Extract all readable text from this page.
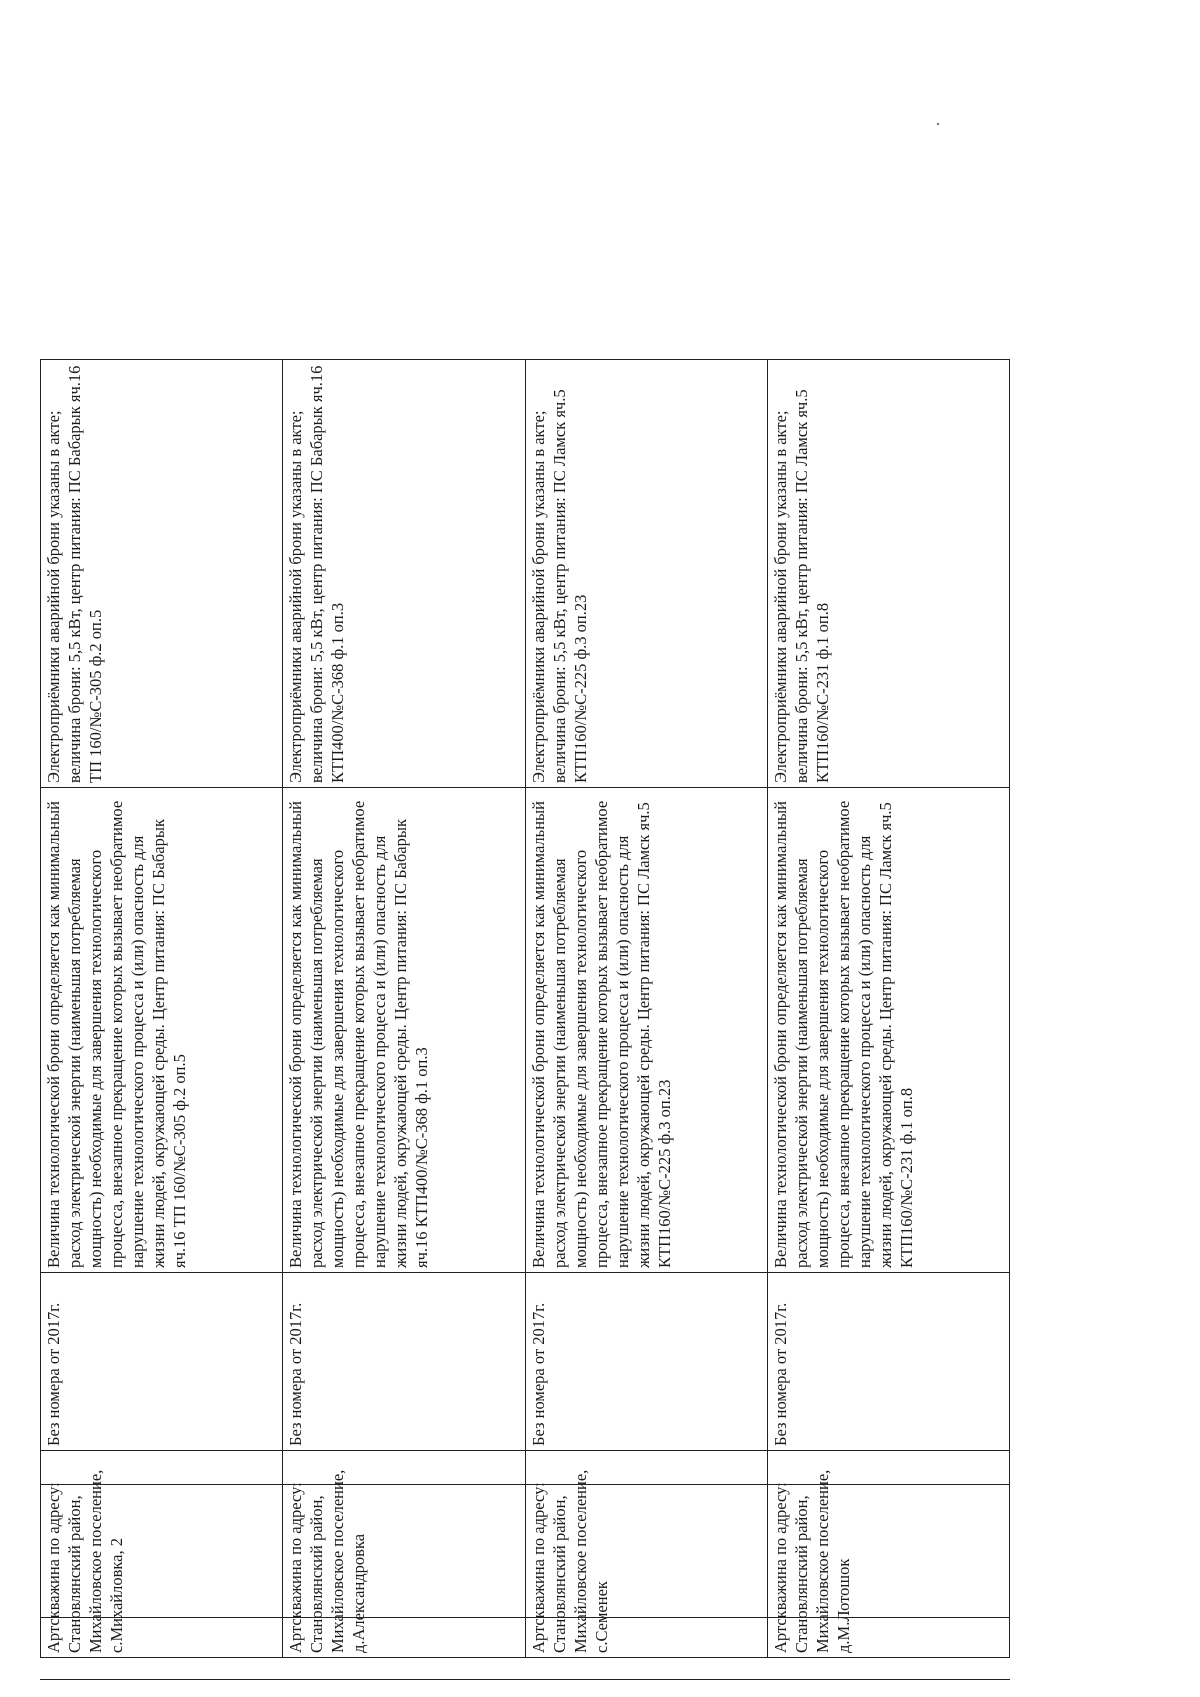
Артскважина по адресу: Становлянский район, Михайловское поселение, с.Михайловка, 2	Без номера от 2017г.	Величина технологической брони определяется как минимальный расход электрической энергии (наименьшая потребляемая мощность) необходимые для завершения технологического процесса, внезапное прекращение которых вызывает необратимое нарушение технологического процесса и (или) опасность для жизни людей, окружающей среды. Центр питания: ПС Бабарык яч.16 ТП 160/№С-305 ф.2 оп.5	Электроприёмники аварийной брони указаны в акте; величина брони: 5,5 кВт, центр питания: ПС Бабарык яч.16 ТП 160/№С-305 ф.2 оп.5
Артскважина по адресу: Становлянский район, Михайловское поселение, д.Александровка	Без номера от 2017г.	Величина технологической брони определяется как минимальный расход электрической энергии (наименьшая потребляемая мощность) необходимые для завершения технологического процесса, внезапное прекращение которых вызывает необратимое нарушение технологического процесса и (или) опасность для жизни людей, окружающей среды. Центр питания: ПС Бабарык яч.16 КТП400/№С-368 ф.1 оп.3	Электроприёмники аварийной брони указаны в акте; величина брони: 5,5 кВт, центр питания: ПС Бабарык яч.16 КТП400/№С-368 ф.1 оп.3
Артскважина по адресу: Становлянский район, Михайловское поселение, с.Семенек	Без номера от 2017г.	Величина технологической брони определяется как минимальный расход электрической энергии (наименьшая потребляемая мощность) необходимые для завершения технологического процесса, внезапное прекращение которых вызывает необратимое нарушение технологического процесса и (или) опасность для жизни людей, окружающей среды. Центр питания: ПС Ламск яч.5 КТП160/№С-225 ф.3 оп.23	Электроприёмники аварийной брони указаны в акте; величина брони: 5,5 кВт, центр питания: ПС Ламск яч.5 КТП160/№С-225 ф.3 оп.23
Артскважина по адресу: Становлянский район, Михайловское поселение, д.М.Лотошок	Без номера от 2017г.	Величина технологической брони определяется как минимальный расход электрической энергии (наименьшая потребляемая мощность) необходимые для завершения технологического процесса, внезапное прекращение которых вызывает необратимое нарушение технологического процесса и (или) опасность для жизни людей, окружающей среды. Центр питания: ПС Ламск яч.5 КТП160/№С-231 ф.1 оп.8	Электроприёмники аварийной брони указаны в акте; величина брони: 5,5 кВт, центр питания: ПС Ламск яч.5 КТП160/№С-231 ф.1 оп.8
